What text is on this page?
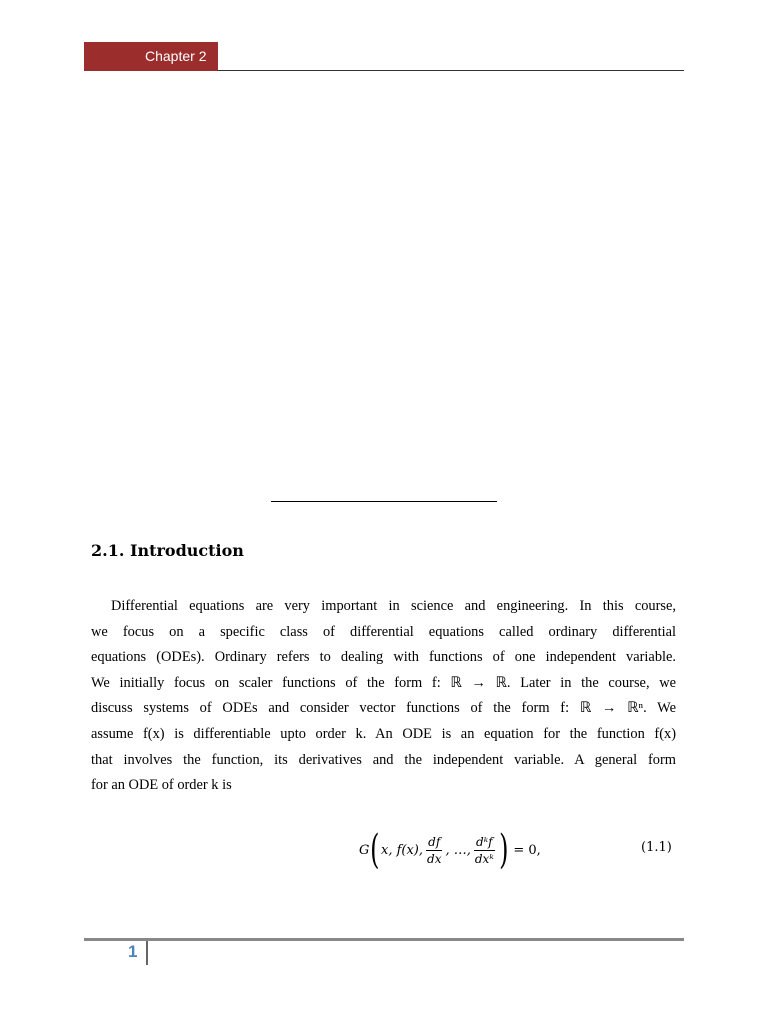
Chapter 2
2.1. Introduction
Differential equations are very important in science and engineering. In this course,
we focus on a specific class of differential equations called ordinary differential
equations (ODEs). Ordinary refers to dealing with functions of one independent variable.
We initially focus on scaler functions of the form f: ℝ → ℝ. Later in the course, we
discuss systems of ODEs and consider vector functions of the form f: ℝ → ℝⁿ. We
assume f(x) is differentiable upto order k. An ODE is an equation for the function f(x)
that involves the function, its derivatives and the independent variable. A general form
for an ODE of order k is
G ( x, f(x), $\frac{df}{dx}$ , …, $\frac{\text{dᵏf}}{\text{dxᵏ}}$ ) = 0,	(1.1)
1
